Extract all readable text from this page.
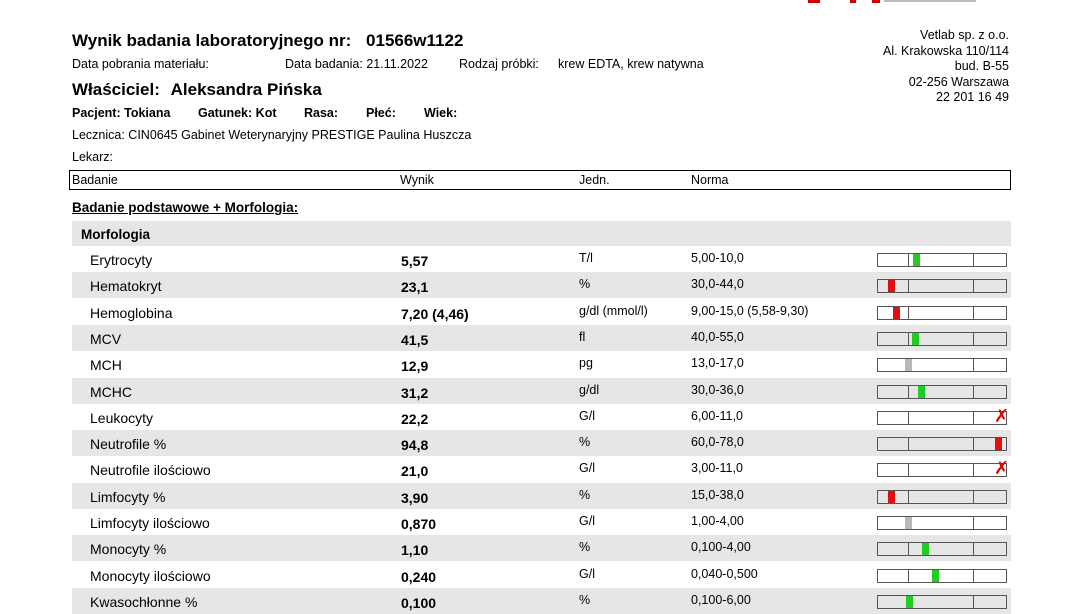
Wynik badania laboratoryjnego nr: 01566w1122
Data pobrania materiału:	Data badania: 21.11.2022 Rodzaj próbki: krew EDTA, krew natywna
Właściciel: Aleksandra Pińska
Pacjent: Tokiana Gatunek: Kot Rasa: Płeć: Wiek:
Lecznica: CIN0645 Gabinet Weterynaryjny PRESTIGE Paulina Huszcza
Lekarz:
Vetlab sp. z o.o.
Al. Krakowska 110/114
bud. B-55
02-256 Warszawa
22 201 16 49
Badanie	Wynik	Jedn.	Norma
Badanie podstawowe + Morfologia:
Morfologia
Erytrocyty	5,57	T/l	5,00-10,0
Hematokryt	23,1	%	30,0-44,0
Hemoglobina	7,20 (4,46)	g/dl (mmol/l)	9,00-15,0 (5,58-9,30)
MCV	41,5	fl	40,0-55,0
MCH	12,9	pg	13,0-17,0
MCHC	31,2	g/dl	30,0-36,0
Leukocyty	22,2	G/l	6,00-11,0	✗
Neutrofile %	94,8	%	60,0-78,0
Neutrofile ilościowo	21,0	G/l	3,00-11,0	✗
Limfocyty %	3,90	%	15,0-38,0
Limfocyty ilościowo	0,870	G/l	1,00-4,00
Monocyty %	1,10	%	0,100-4,00
Monocyty ilościowo	0,240	G/l	0,040-0,500
Kwasochłonne %	0,100	%	0,100-6,00
